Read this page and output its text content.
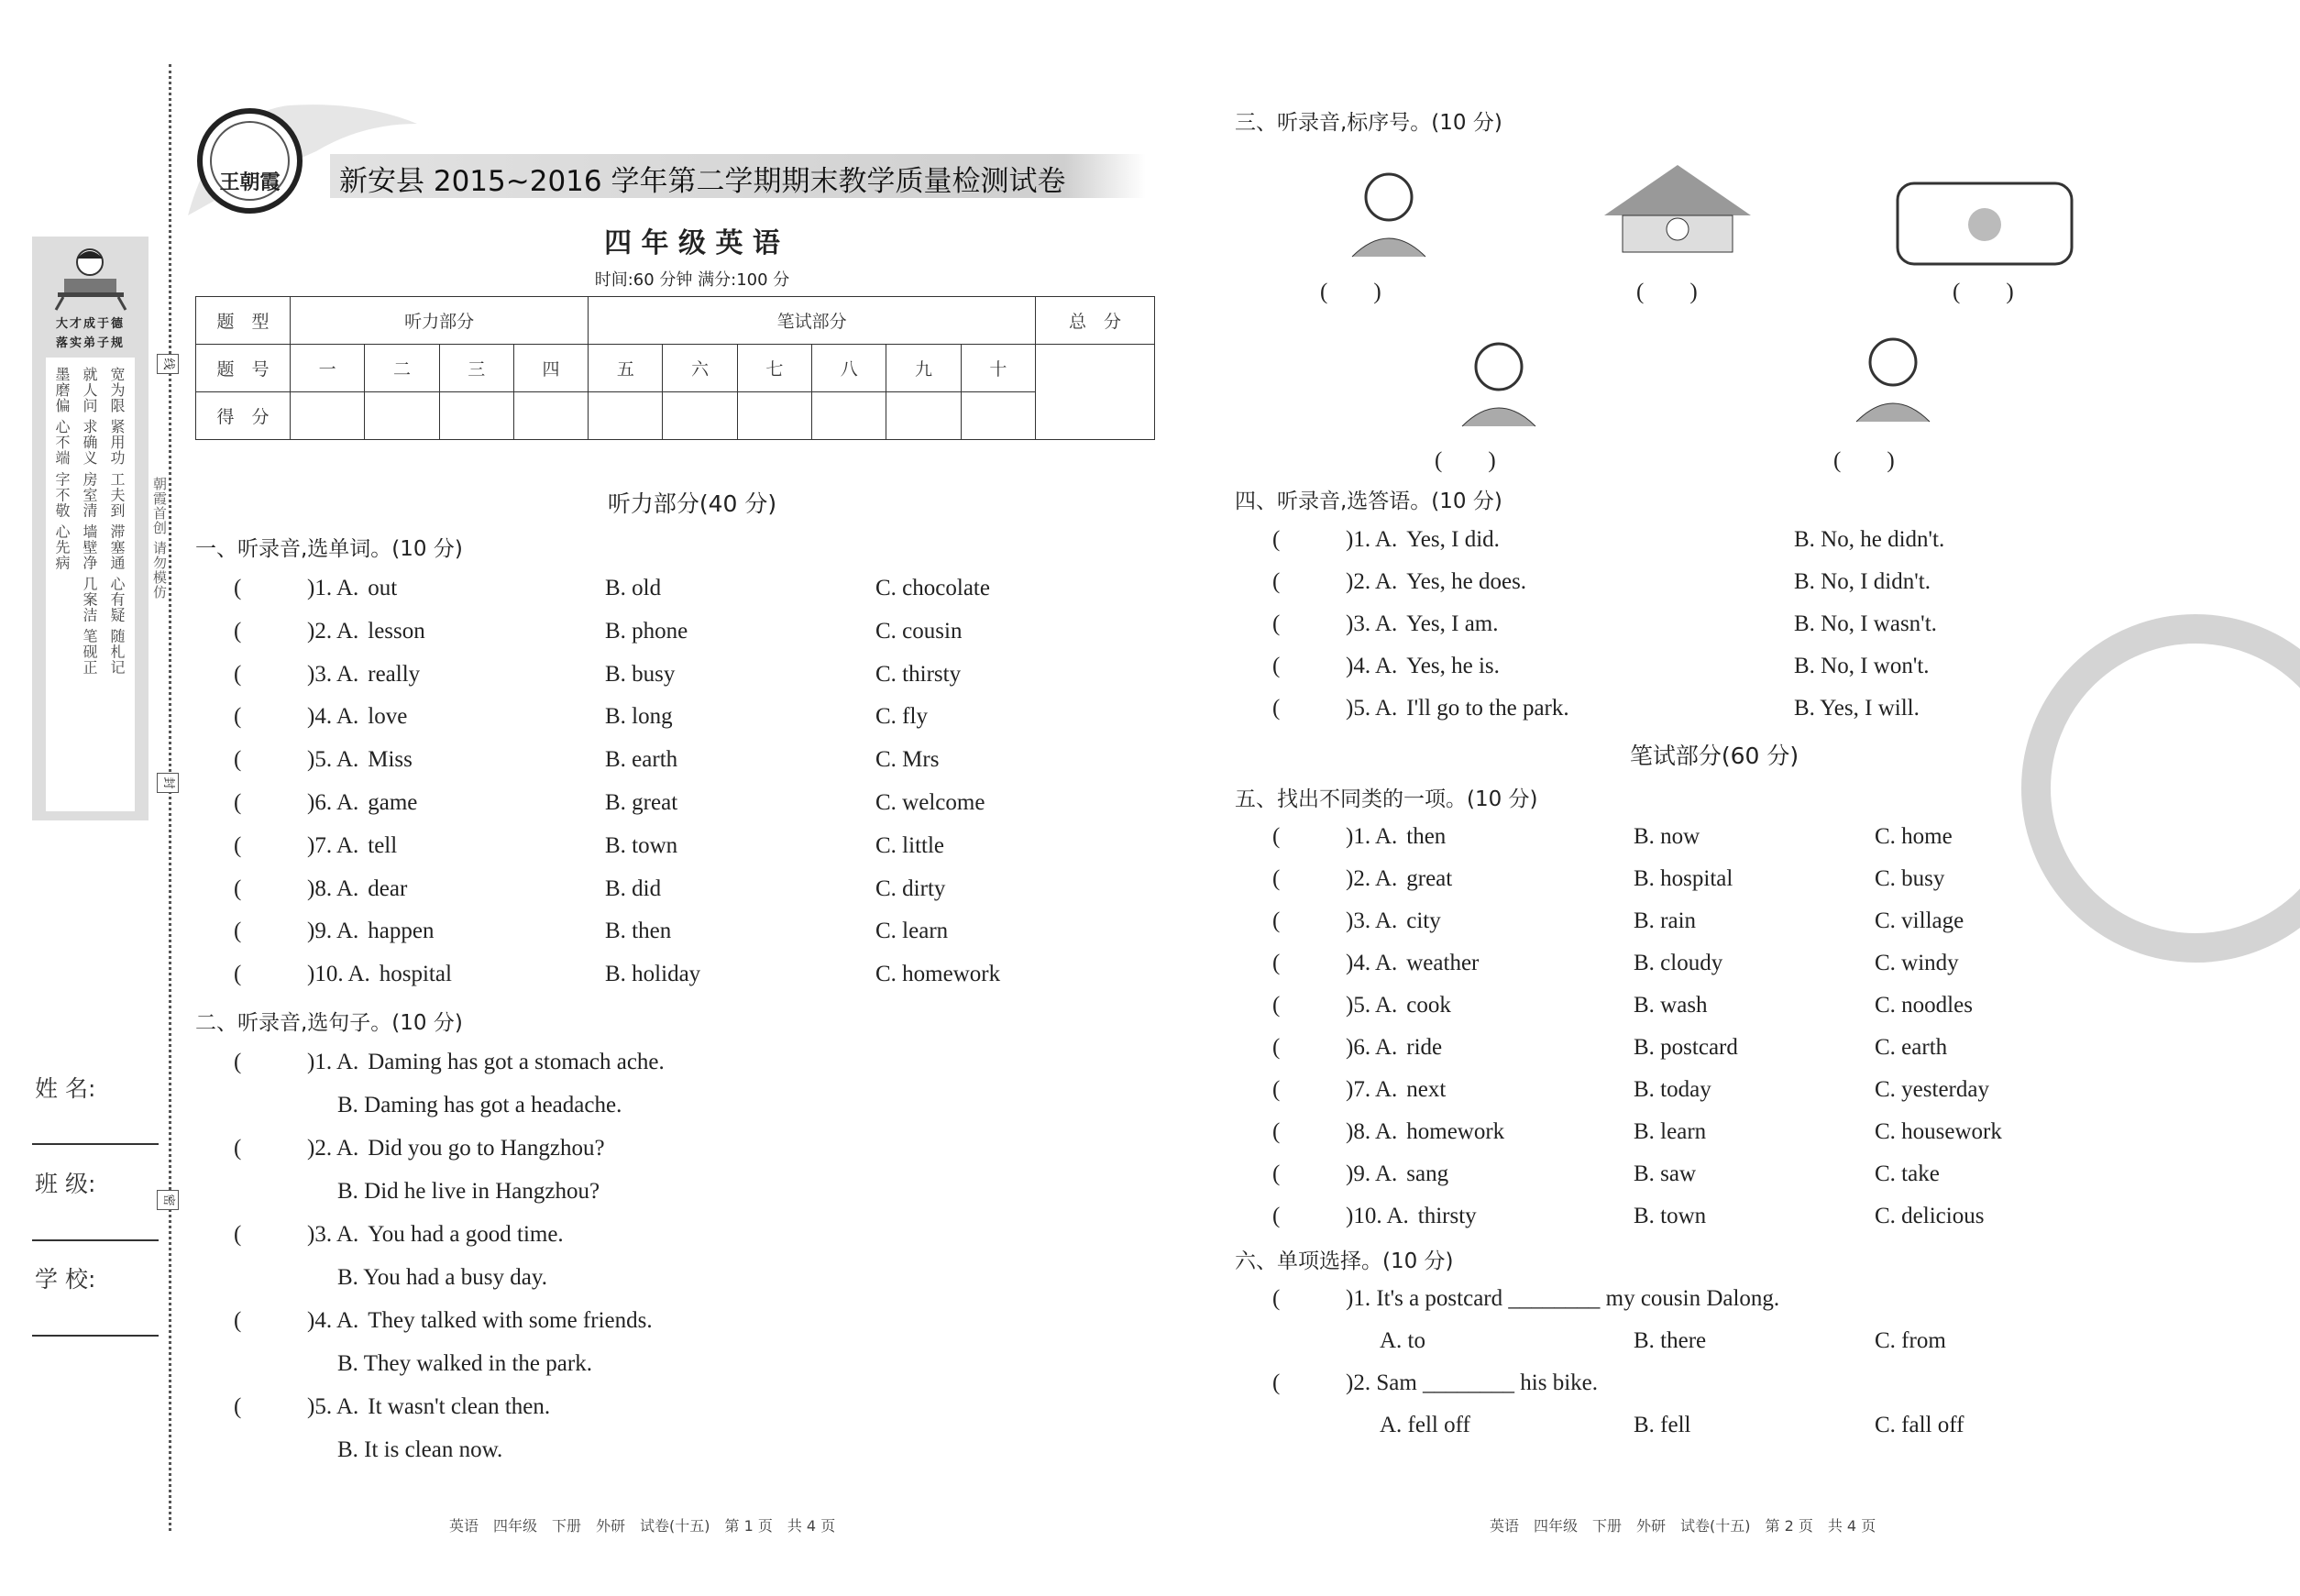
大才成于德
落实弟子规
宽为限 紧用功 工夫到 滞塞通 心有疑 随札记
就人问 求确义 房室清 墙壁净 几案洁 笔砚正
墨磨偏 心不端 字不敬 心先病	朝霞首创 请勿模仿
线
封
密
姓 名:
班 级:
学 校:
王朝霞	新安县 2015~2016 学年第二学期期末教学质量检测试卷
四 年 级 英 语
时间:60 分钟 满分:100 分
题　型	听力部分				笔试部分						总　分
题　号	一	二	三	四	五	六	七	八	九	十	
得　分											
听力部分(40 分)
一、听录音,选单词。(10 分)
(	)1. A. out	B. old	C. chocolate
(	)2. A. lesson	B. phone	C. cousin
(	)3. A. really	B. busy	C. thirsty
(	)4. A. love	B. long	C. fly
(	)5. A. Miss	B. earth	C. Mrs
(	)6. A. game	B. great	C. welcome
(	)7. A. tell	B. town	C. little
(	)8. A. dear	B. did	C. dirty
(	)9. A. happen	B. then	C. learn
(	)10. A. hospital	B. holiday	C. homework
二、听录音,选句子。(10 分)
(	)1. A. Daming has got a stomach ache.
B. Daming has got a headache.
(	)2. A. Did you go to Hangzhou?
B. Did he live in Hangzhou?
(	)3. A. You had a good time.
B. You had a busy day.
(	)4. A. They talked with some friends.
B. They walked in the park.
(	)5. A. It wasn't clean then.
B. It is clean now.
三、听录音,标序号。(10 分)
(　　)	(　　)	(　　)
(　　)	(　　)
四、听录音,选答语。(10 分)
(	)1. A. Yes, I did.	B. No, he didn't.
(	)2. A. Yes, he does.	B. No, I didn't.
(	)3. A. Yes, I am.	B. No, I wasn't.
(	)4. A. Yes, he is.	B. No, I won't.
(	)5. A. I'll go to the park.	B. Yes, I will.
笔试部分(60 分)
五、找出不同类的一项。(10 分)
(	)1. A. then	B. now	C. home
(	)2. A. great	B. hospital	C. busy
(	)3. A. city	B. rain	C. village
(	)4. A. weather	B. cloudy	C. windy
(	)5. A. cook	B. wash	C. noodles
(	)6. A. ride	B. postcard	C. earth
(	)7. A. next	B. today	C. yesterday
(	)8. A. homework	B. learn	C. housework
(	)9. A. sang	B. saw	C. take
(	)10. A. thirsty	B. town	C. delicious
六、单项选择。(10 分)
(	)1. It's a postcard ________ my cousin Dalong.
A. to	B. there	C. from
(	)2. Sam ________ his bike.
A. fell off	B. fell	C. fall off
英语　四年级　下册　外研　试卷(十五)　第 1 页　共 4 页	英语　四年级　下册　外研　试卷(十五)　第 2 页　共 4 页
